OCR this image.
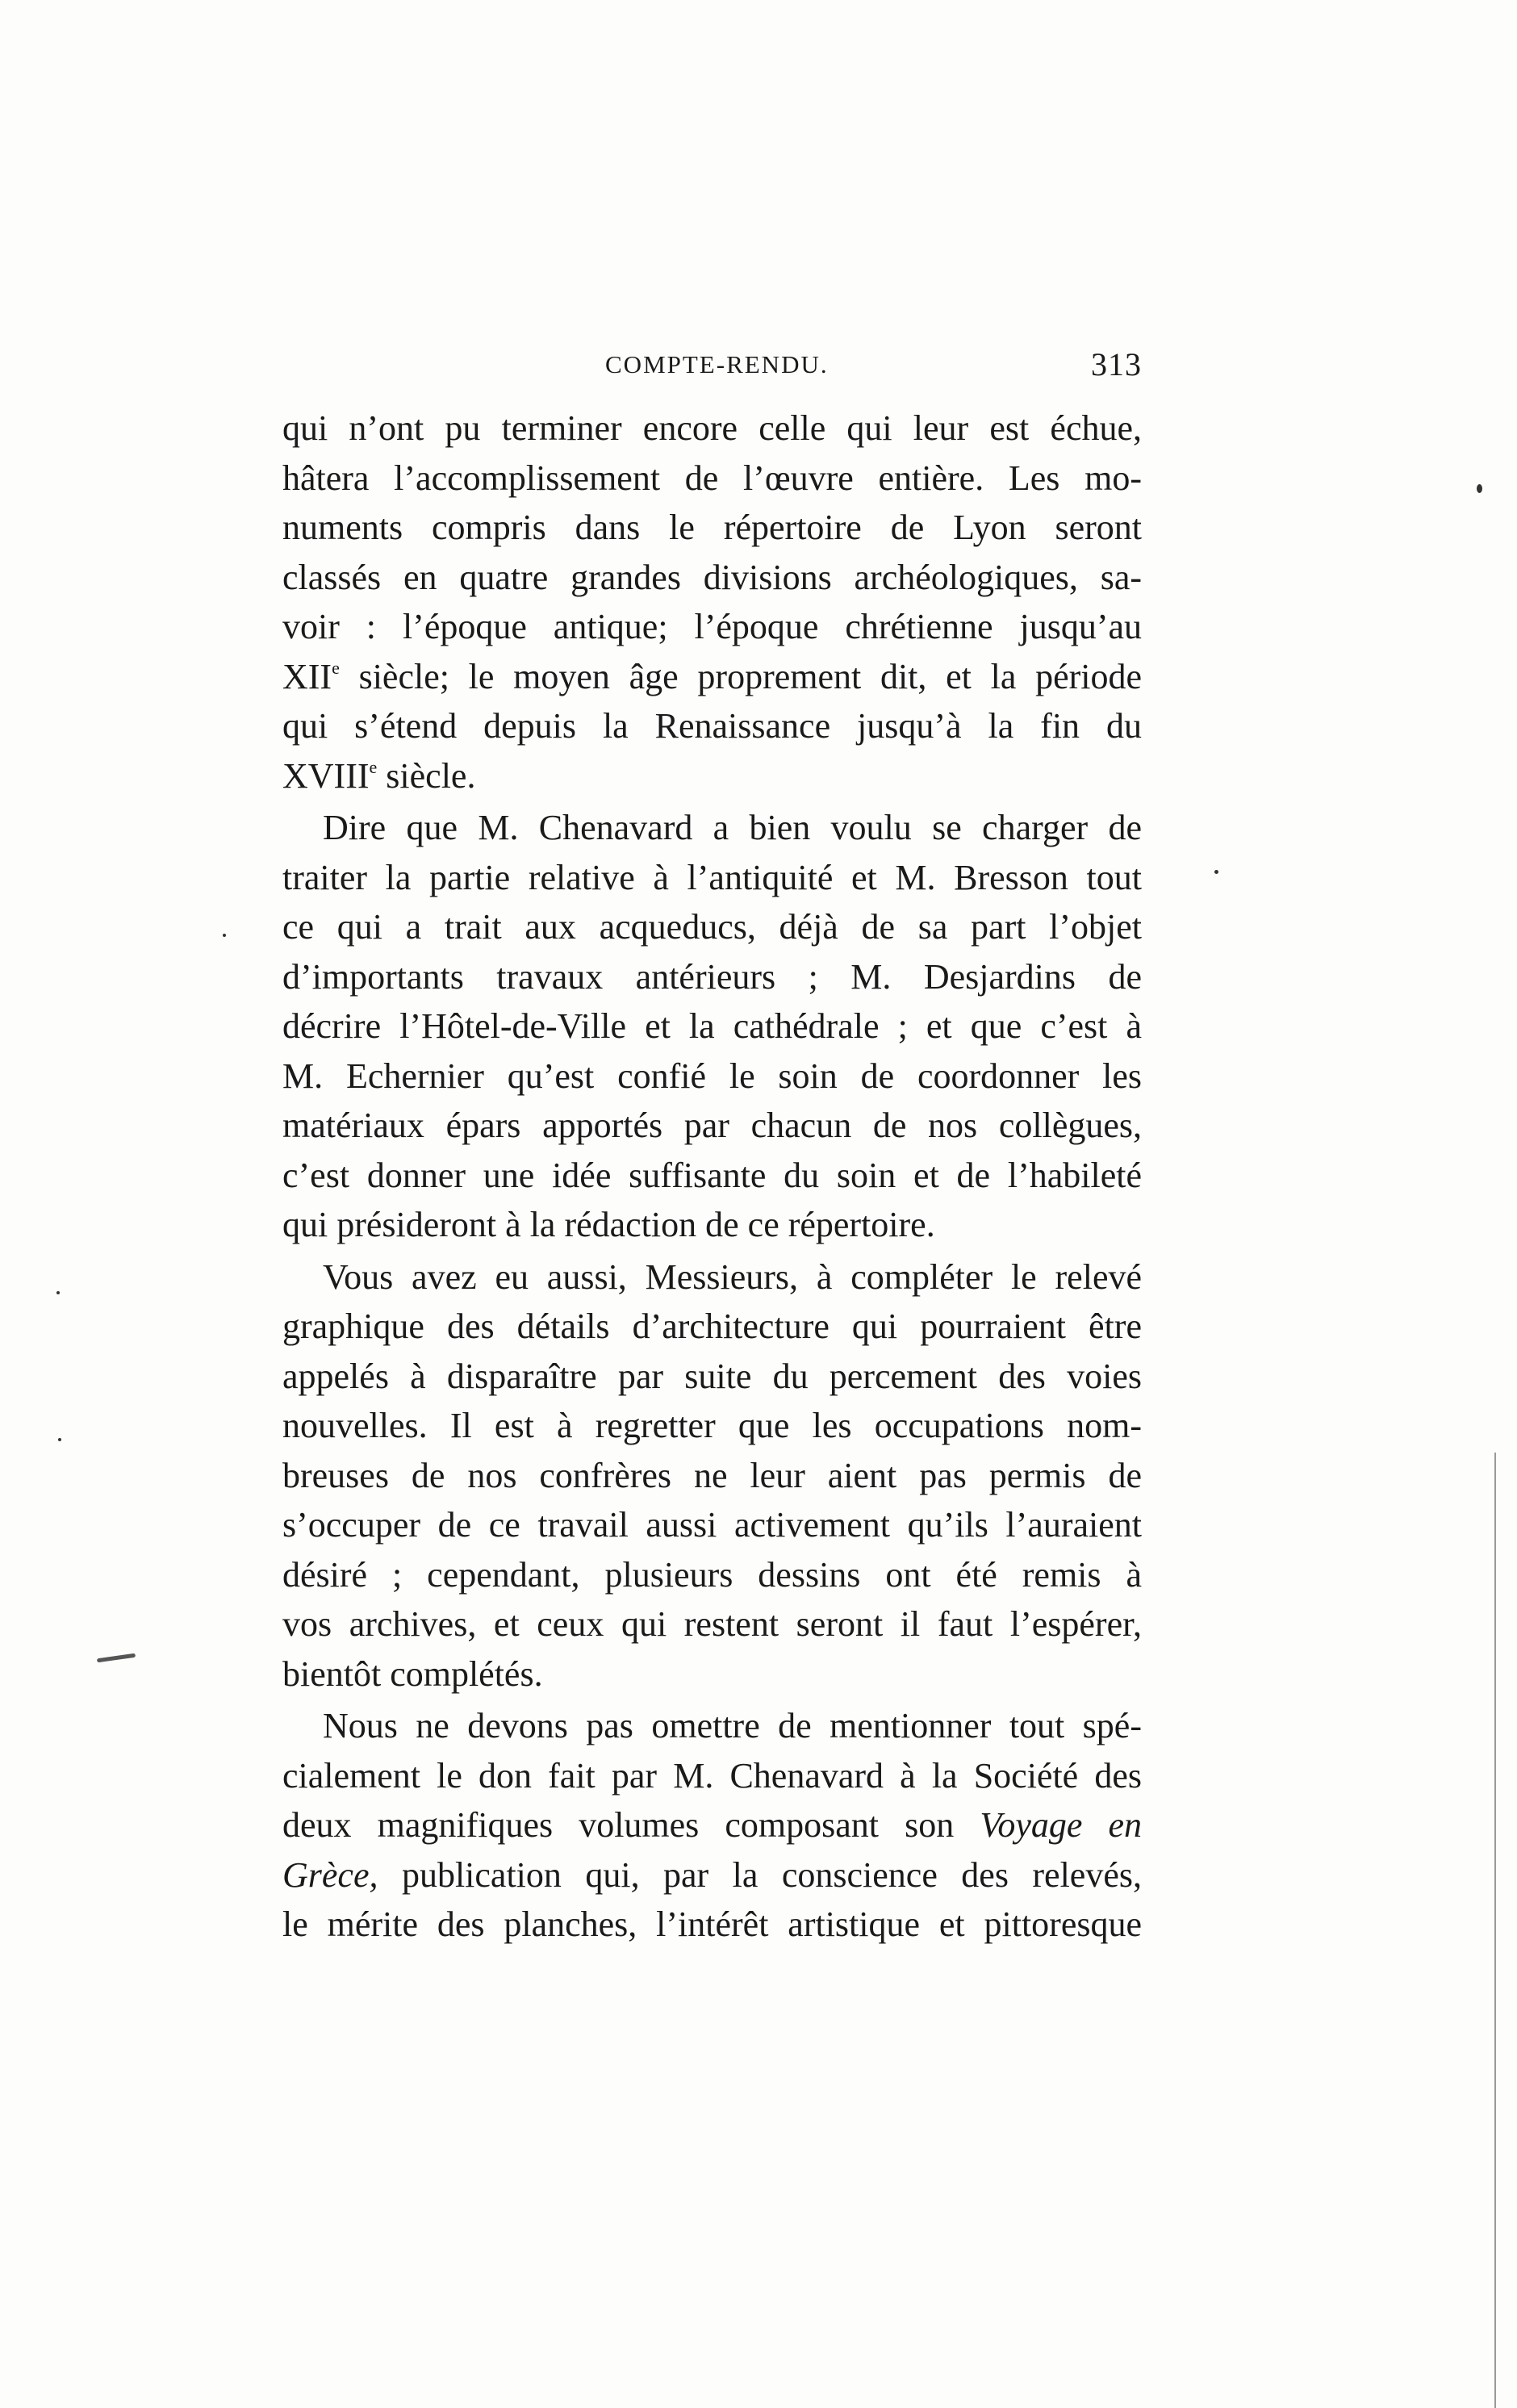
COMPTE-RENDU.	313
qui n’ont pu terminer encore celle qui leur est échue,
hâtera l’accomplissement de l’œuvre entière. Les mo-
numents compris dans le répertoire de Lyon seront
classés en quatre grandes divisions archéologiques, sa-
voir : l’époque antique; l’époque chrétienne jusqu’au
XIIe siècle; le moyen âge proprement dit, et la période
qui s’étend depuis la Renaissance jusqu’à la fin du
XVIIIe siècle.
Dire que M. Chenavard a bien voulu se charger de
traiter la partie relative à l’antiquité et M. Bresson tout
ce qui a trait aux acqueducs, déjà de sa part l’objet
d’importants travaux antérieurs ; M. Desjardins de
décrire l’Hôtel-de-Ville et la cathédrale ; et que c’est à
M. Echernier qu’est confié le soin de coordonner les
matériaux épars apportés par chacun de nos collègues,
c’est donner une idée suffisante du soin et de l’habileté
qui présideront à la rédaction de ce répertoire.
Vous avez eu aussi, Messieurs, à compléter le relevé
graphique des détails d’architecture qui pourraient être
appelés à disparaître par suite du percement des voies
nouvelles. Il est à regretter que les occupations nom-
breuses de nos confrères ne leur aient pas permis de
s’occuper de ce travail aussi activement qu’ils l’auraient
désiré ; cependant, plusieurs dessins ont été remis à
vos archives, et ceux qui restent seront il faut l’espérer,
bientôt complétés.
Nous ne devons pas omettre de mentionner tout spé-
cialement le don fait par M. Chenavard à la Société des
deux magnifiques volumes composant son Voyage en
Grèce, publication qui, par la conscience des relevés,
le mérite des planches, l’intérêt artistique et pittoresque
